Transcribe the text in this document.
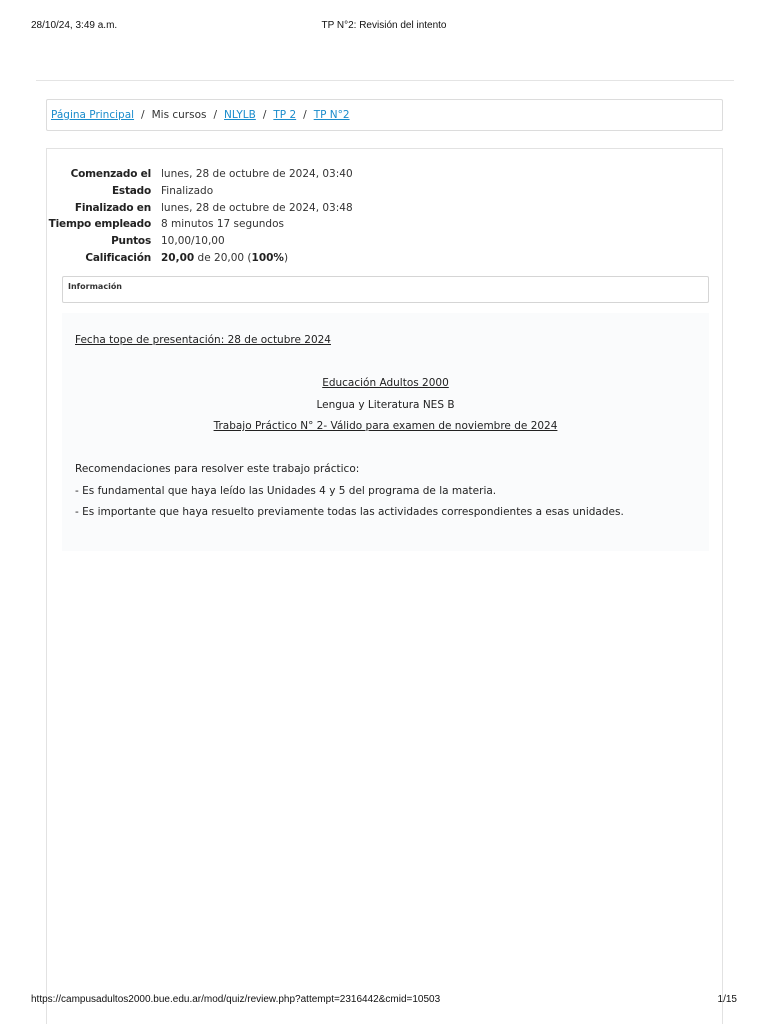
28/10/24, 3:49 a.m.	TP N°2: Revisión del intento
Página Principal / Mis cursos / NLYLB / TP 2 / TP N°2
Comenzado el lunes, 28 de octubre de 2024, 03:40
Estado Finalizado
Finalizado en lunes, 28 de octubre de 2024, 03:48
Tiempo empleado 8 minutos 17 segundos
Puntos 10,00/10,00
Calificación 20,00 de 20,00 (100%)
Información
Fecha tope de presentación: 28 de octubre 2024
Educación Adultos 2000
Lengua y Literatura NES B
Trabajo Práctico N° 2- Válido para examen de noviembre de 2024
Recomendaciones para resolver este trabajo práctico:
- Es fundamental que haya leído las Unidades 4 y 5 del programa de la materia.
- Es importante que haya resuelto previamente todas las actividades correspondientes a esas unidades.
https://campusadultos2000.bue.edu.ar/mod/quiz/review.php?attempt=2316442&cmid=10503	1/15
